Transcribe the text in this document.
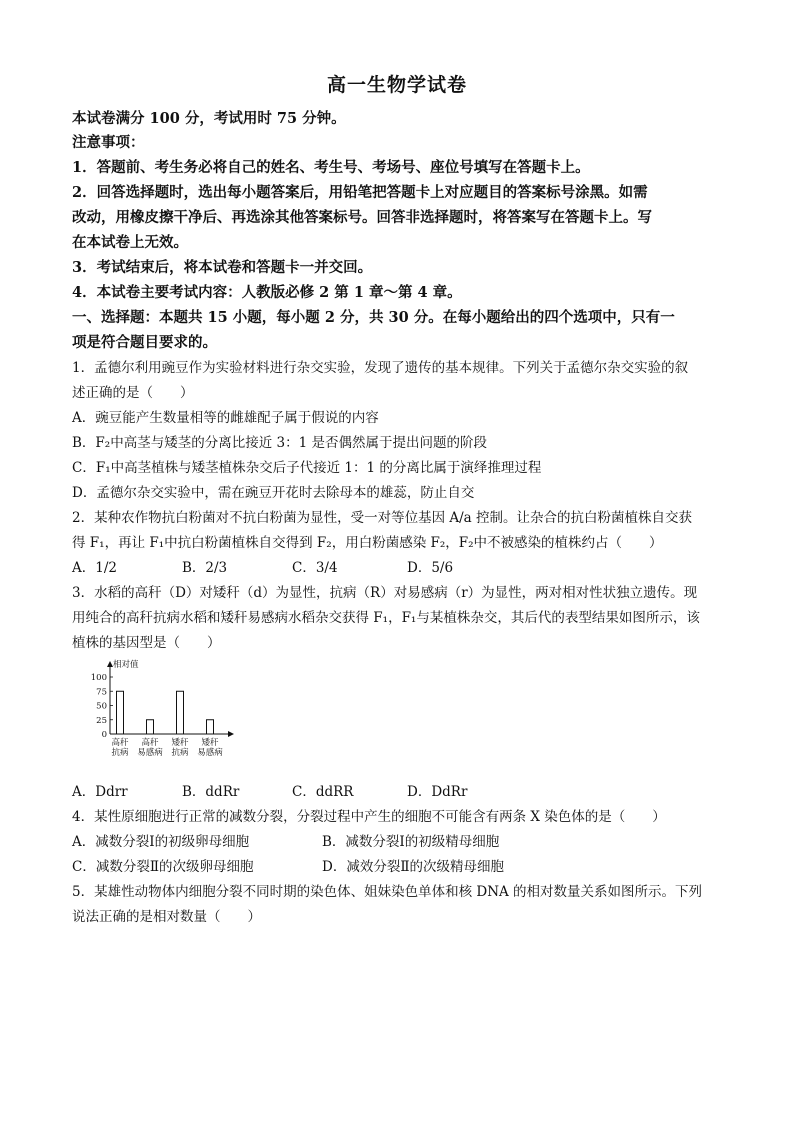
高一生物学试卷
本试卷满分 100 分，考试用时 75 分钟。
注意事项：
1．答题前、考生务必将自己的姓名、考生号、考场号、座位号填写在答题卡上。
2．回答选择题时，选出每小题答案后，用铅笔把答题卡上对应题目的答案标号涂黑。如需
改动，用橡皮擦干净后、再选涂其他答案标号。回答非选择题时，将答案写在答题卡上。写
在本试卷上无效。
3．考试结束后，将本试卷和答题卡一并交回。
4．本试卷主要考试内容：人教版必修 2 第 1 章～第 4 章。
一、选择题：本题共 15 小题，每小题 2 分，共 30 分。在每小题给出的四个选项中，只有一
项是符合题目要求的。
1．孟德尔利用豌豆作为实验材料进行杂交实验，发现了遗传的基本规律。下列关于孟德尔杂交实验的叙
述正确的是（　　）
A．豌豆能产生数量相等的雌雄配子属于假说的内容
B．F₂中高茎与矮茎的分离比接近 3：1 是否偶然属于提出问题的阶段
C．F₁中高茎植株与矮茎植株杂交后子代接近 1：1 的分离比属于演绎推理过程
D．孟德尔杂交实验中，需在豌豆开花时去除母本的雄蕊，防止自交
2．某种农作物抗白粉菌对不抗白粉菌为显性，受一对等位基因 A/a 控制。让杂合的抗白粉菌植株自交获
得 F₁，再让 F₁中抗白粉菌植株自交得到 F₂，用白粉菌感染 F₂，F₂中不被感染的植株约占（　　）
A．1/2	B．2/3	C．3/4	D．5/6
3．水稻的高秆（D）对矮秆（d）为显性，抗病（R）对易感病（r）为显性，两对相对性状独立遗传。现
用纯合的高秆抗病水稻和矮秆易感病水稻杂交获得 F₁，F₁与某植株杂交，其后代的表型结果如图所示，该
植株的基因型是（　　）
相对值
0
25
50
75
100
高秆
抗病
高秆
易感病
矮秆
抗病
矮秆
易感病
A．Ddrr	B．ddRr	C．ddRR	D．DdRr
4．某性原细胞进行正常的减数分裂，分裂过程中产生的细胞不可能含有两条 X 染色体的是（　　）
A．减数分裂Ⅰ的初级卵母细胞	B．减数分裂Ⅰ的初级精母细胞
C．减数分裂Ⅱ的次级卵母细胞	D．减效分裂Ⅱ的次级精母细胞
5．某雄性动物体内细胞分裂不同时期的染色体、姐妹染色单体和核 DNA 的相对数量关系如图所示。下列
说法正确的是相对数量（　　）
